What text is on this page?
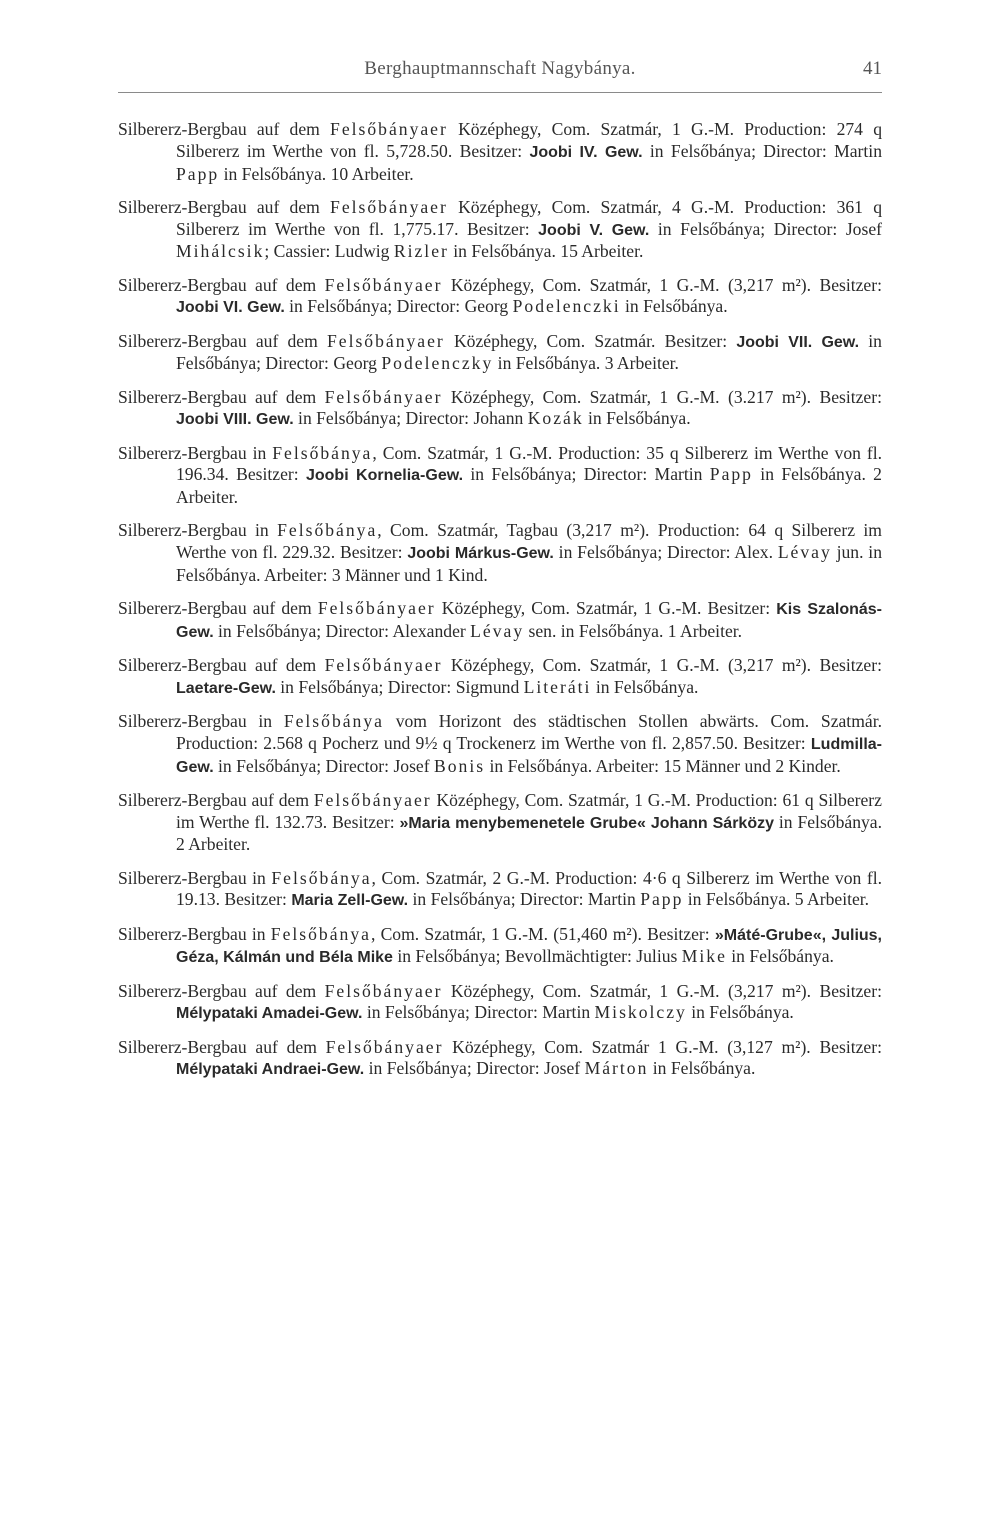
Berghauptmannschaft Nagybánya.	41

Silbererz-Bergbau auf dem Felsőbányaer Középhegy, Com. Szatmár, 1 G.-M. Production: 274 q Silbererz im Werthe von fl. 5,728.50. Besitzer: Joobi IV. Gew. in Felsőbánya; Director: Martin Papp in Felsőbánya. 10 Arbeiter.

Silbererz-Bergbau auf dem Felsőbányaer Középhegy, Com. Szatmár, 4 G.-M. Production: 361 q Silbererz im Werthe von fl. 1,775.17. Besitzer: Joobi V. Gew. in Felsőbánya; Director: Josef Mihálcsik; Cassier: Ludwig Rizler in Felsőbánya. 15 Arbeiter.

Silbererz-Bergbau auf dem Felsőbányaer Középhegy, Com. Szatmár, 1 G.-M. (3,217 m²). Besitzer: Joobi VI. Gew. in Felsőbánya; Director: Georg Podelenczki in Felsőbánya.

Silbererz-Bergbau auf dem Felsőbányaer Középhegy, Com. Szatmár. Besitzer: Joobi VII. Gew. in Felsőbánya; Director: Georg Podelenczky in Felsőbánya. 3 Arbeiter.

Silbererz-Bergbau auf dem Felsőbányaer Középhegy, Com. Szatmár, 1 G.-M. (3.217 m²). Besitzer: Joobi VIII. Gew. in Felsőbánya; Director: Johann Kozák in Felsőbánya.

Silbererz-Bergbau in Felsőbánya, Com. Szatmár, 1 G.-M. Production: 35 q Silbererz im Werthe von fl. 196.34. Besitzer: Joobi Kornelia-Gew. in Felsőbánya; Director: Martin Papp in Felsőbánya. 2 Arbeiter.

Silbererz-Bergbau in Felsőbánya, Com. Szatmár, Tagbau (3,217 m²). Production: 64 q Silbererz im Werthe von fl. 229.32. Besitzer: Joobi Márkus-Gew. in Felsőbánya; Director: Alex. Lévay jun. in Felsőbánya. Arbeiter: 3 Männer und 1 Kind.

Silbererz-Bergbau auf dem Felsőbányaer Középhegy, Com. Szatmár, 1 G.-M. Besitzer: Kis Szalonás-Gew. in Felsőbánya; Director: Alexander Lévay sen. in Felsőbánya. 1 Arbeiter.

Silbererz-Bergbau auf dem Felsőbányaer Középhegy, Com. Szatmár, 1 G.-M. (3,217 m²). Besitzer: Laetare-Gew. in Felsőbánya; Director: Sigmund Literáti in Felsőbánya.

Silbererz-Bergbau in Felsőbánya vom Horizont des städtischen Stollen abwärts. Com. Szatmár. Production: 2.568 q Pocherz und 9½ q Trockenerz im Werthe von fl. 2,857.50. Besitzer: Ludmilla-Gew. in Felsőbánya; Director: Josef Bonis in Felsőbánya. Arbeiter: 15 Männer und 2 Kinder.

Silbererz-Bergbau auf dem Felsőbányaer Középhegy, Com. Szatmár, 1 G.-M. Production: 61 q Silbererz im Werthe fl. 132.73. Besitzer: »Maria menybemenetele Grube« Johann Sárközy in Felsőbánya. 2 Arbeiter.

Silbererz-Bergbau in Felsőbánya, Com. Szatmár, 2 G.-M. Production: 4·6 q Silbererz im Werthe von fl. 19.13. Besitzer: Maria Zell-Gew. in Felsőbánya; Director: Martin Papp in Felsőbánya. 5 Arbeiter.

Silbererz-Bergbau in Felsőbánya, Com. Szatmár, 1 G.-M. (51,460 m²). Besitzer: »Máté-Grube«, Julius, Géza, Kálmán und Béla Mike in Felsőbánya; Bevollmächtigter: Julius Mike in Felsőbánya.

Silbererz-Bergbau auf dem Felsőbányaer Középhegy, Com. Szatmár, 1 G.-M. (3,217 m²). Besitzer: Mélypataki Amadei-Gew. in Felsőbánya; Director: Martin Miskolczy in Felsőbánya.

Silbererz-Bergbau auf dem Felsőbányaer Középhegy, Com. Szatmár 1 G.-M. (3,127 m²). Besitzer: Mélypataki Andraei-Gew. in Felsőbánya; Director: Josef Márton in Felsőbánya.
